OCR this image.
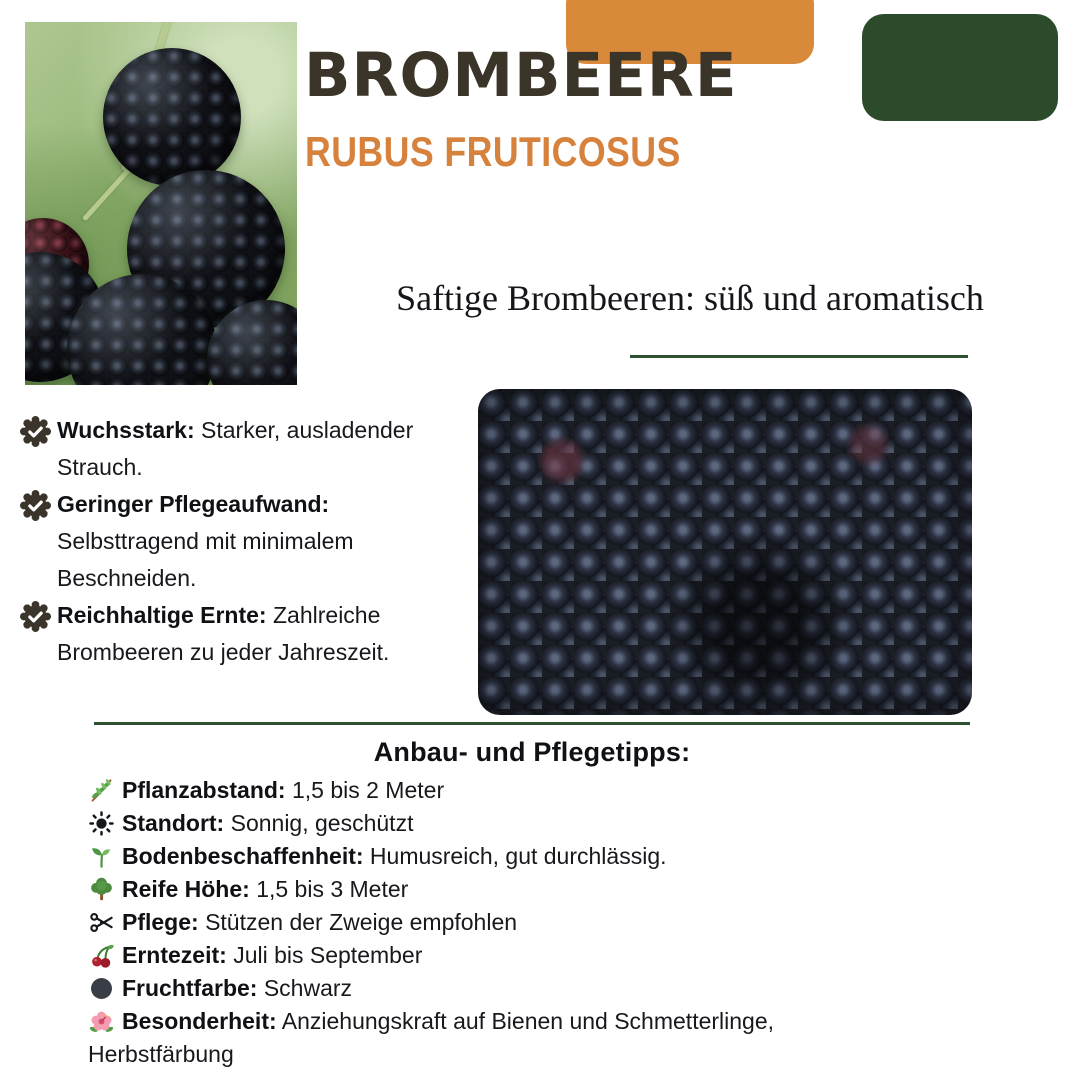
BROMBEERE
RUBUS FRUTICOSUS
Saftige Brombeeren: süß und aromatisch
Wuchsstark: Starker, ausladender Strauch.
Geringer Pflegeaufwand: Selbsttragend mit minimalem Beschneiden.
Reichhaltige Ernte: Zahlreiche Brombeeren zu jeder Jahreszeit.
Anbau- und Pflegetipps:
Pflanzabstand: 1,5 bis 2 Meter
Standort: Sonnig, geschützt
Bodenbeschaffenheit: Humusreich, gut durchlässig.
Reife Höhe: 1,5 bis 3 Meter
Pflege: Stützen der Zweige empfohlen
Erntezeit: Juli bis September
Fruchtfarbe: Schwarz
Besonderheit: Anziehungskraft auf Bienen und Schmetterlinge, Herbstfärbung
